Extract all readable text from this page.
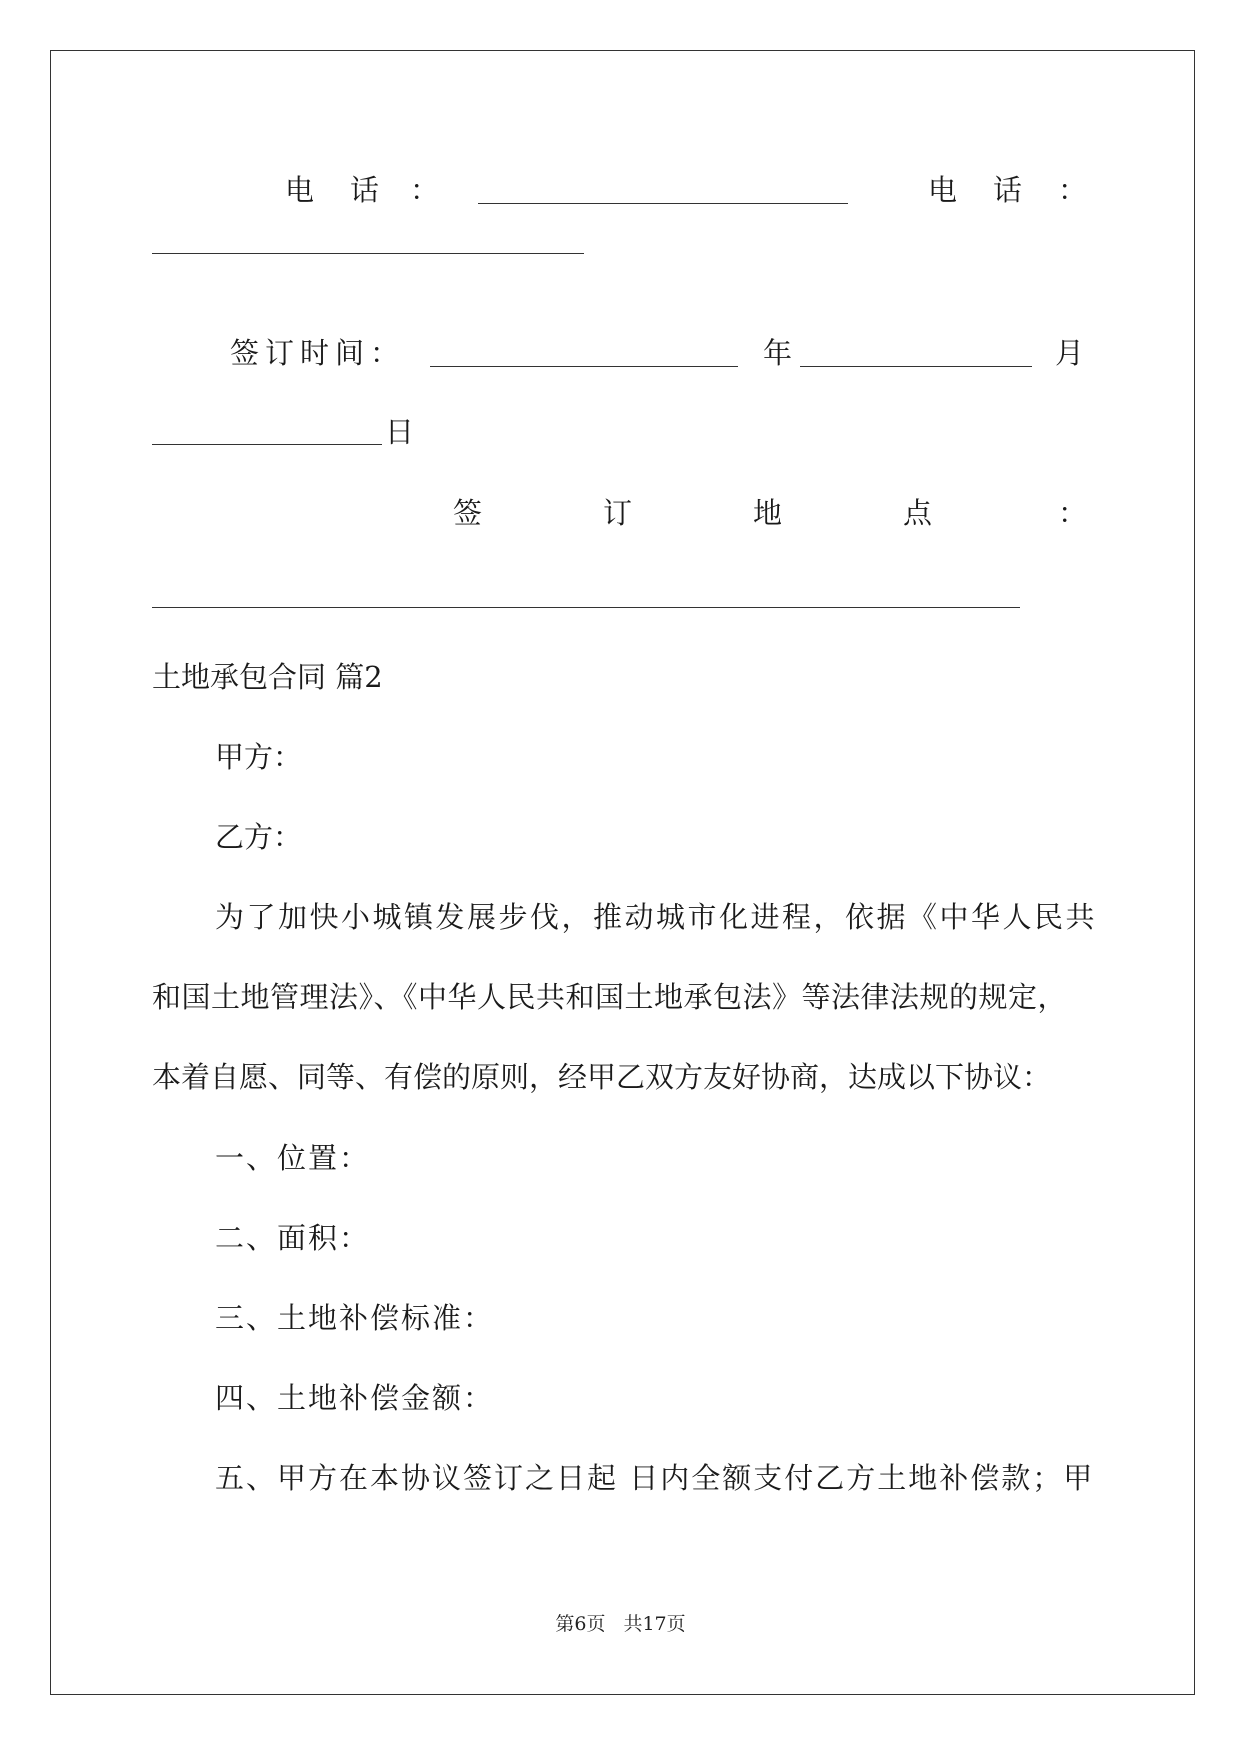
电 话 ：	电 话 ：
签订时间：	年	月
日
签	订	地	点	：
土地承包合同 篇2
甲方：
乙方：
为了加快小城镇发展步伐，推动城市化进程，依据《中华人民共
和国土地管理法》、《中华人民共和国土地承包法》等法律法规的规定，
本着自愿、同等、有偿的原则，经甲乙双方友好协商，达成以下协议：
一、位置：
二、面积：
三、土地补偿标准：
四、土地补偿金额：
五、甲方在本协议签订之日起 日内全额支付乙方土地补偿款；甲
第6页 共17页
